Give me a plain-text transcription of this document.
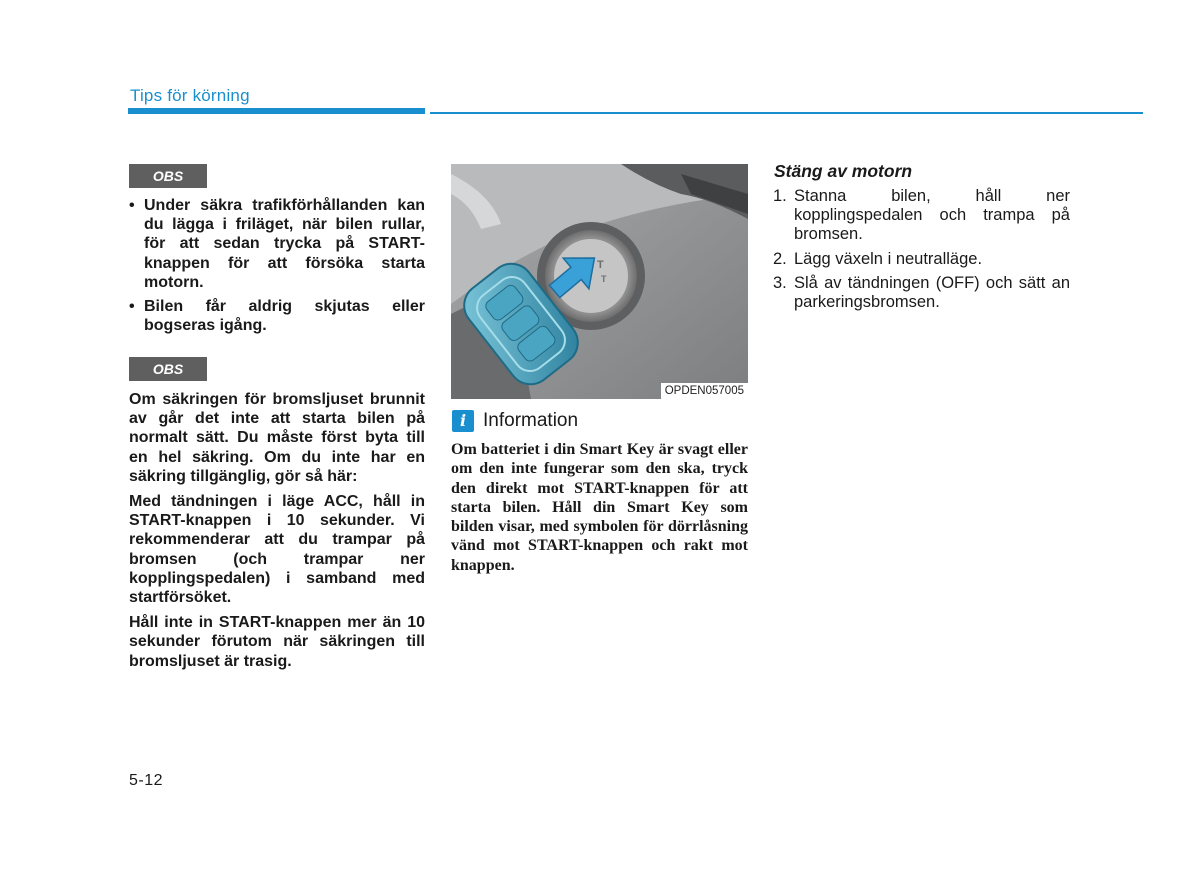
Tips för körning
OBS
• Under säkra trafikförhållanden kan du lägga i friläget, när bilen rullar, för att sedan trycka på START-knappen för att försöka starta motorn.
• Bilen får aldrig skjutas eller bogseras igång.
OBS

Om säkringen för bromsljuset brunnit av går det inte att starta bilen på normalt sätt. Du måste först byta till en hel säkring. Om du inte har en säkring tillgänglig, gör så här:

Med tändningen i läge ACC, håll in START-knappen i 10 sekunder. Vi rekommenderar att du trampar på bromsen (och trampar ner kopplingspedalen) i samband med startförsöket.

Håll inte in START-knappen mer än 10 sekunder förutom när säkringen till bromsljuset är trasig.

T
T
OPDEN057005
i Information
Om batteriet i din Smart Key är svagt eller om den inte fungerar som den ska, tryck den direkt mot START-knappen för att starta bilen. Håll din Smart Key som bilden visar, med symbolen för dörrlåsning vänd mot START-knappen och rakt mot knappen.
Stäng av motorn
1. Stanna bilen, håll ner kopplingspedalen och trampa på bromsen.
2. Lägg växeln i neutralläge.
3. Slå av tändningen (OFF) och sätt an parkeringsbromsen.
5-12
